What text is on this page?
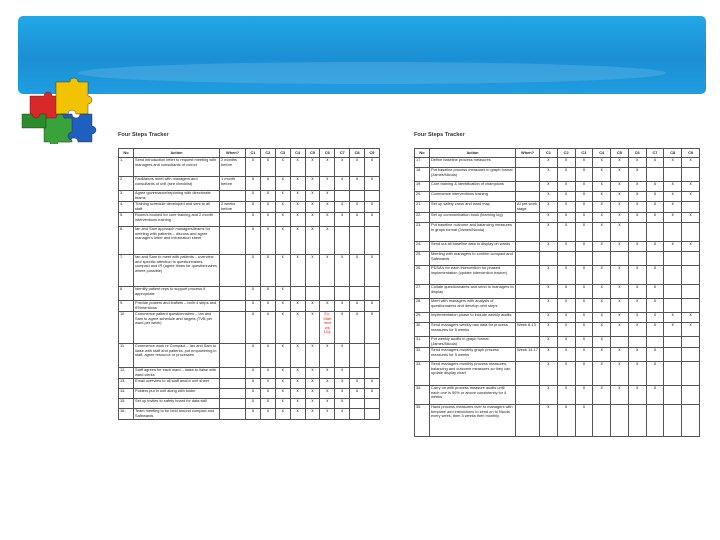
Four Steps Tracker
No	Action	When?	C1	C2	C3	C4	C5	C6	C7	C8	C9
1.	Send introduction letter to request meeting with managers and consultants of cohort	2 months before	x	x	x	x	x	x	x	x	x
2.	Facilitators meet with managers and consultants of unit (see checklist)	1 month before	x	x	x	x	x	x	x	x	x
3.	Agree governance/reporting with directorate teams		x	x	x	x	x	x			
4.	Training schedule developed and sent to all staff	2 weeks before	x	x	x	x	x	x	x	x	x
5.	Room/s booked for core training and 2 month interventions training		x	x	x	x	x	x	x	x	x
6.	Ian and Sam approach managers/teams for meeting with patients – discuss and agree manager's letter and information sheet		x	x	x	x	x	x			
7.	Ian and Sam to meet with patients – overview and specific attention to questionnaires, compact and IR (agree times for questionnaires where possible)		x	x	x	x	x	x	x	x	x
8.	Identify patient reps to support process if appropriate		x	x	x						
9.	Provide posters and leaflets – both 4 steps and IR/Intentions		x	x	x	x	x	x	x	x	x
10.	Commence patient questionnaires – Ian and Sam to agree schedule and targets (TVB per ward per week)		x	x	x	x	x	Ex-Start next wk 1/11	x	x	x
11.	Commence work re Compact – Ian and Sam to liaise with staff and patients, put empowering in staff, agree resource or processes		x	x	x	x	x	x	x		
12.	Staff agrees for each ward – liaise to liaise with ward clerks		x	x	x	x	x	x	x		
13.	Email overview to all staff and/or unit sheet		x	x	x	x	x	x	x	x	x
14.	Posters put in unit along with folder		x	x	x	x	x	x	x	x	x
15.	Set up invites to safety board for data skill		x	x	x	x	x	x	x		
16.	Team meeting to be held around compact and Safewards		x	x	x	x	x	x	x		
Four Steps Tracker
No	Action	When?	C1	C2	C3	C4	C5	C6	C7	C8	C9
17.	Define baseline process measures		x	x	x	x	x	x	x	x	x
18.	Put baseline process measures in graph format (James/Nicola)		x	x	x	x	x	x			
19.	Core training & identification of champions		x	x	x	x	x	x	x	x	x
20.	Commence interventions training		x	x	x	x	x	x	x	x	x
21.	Set up safety cross and ward map	At pre-work stage	x	x	x	x	x	x	x	x	
22.	Set up communication book (learning log)		x	x	x	x	x	x	x	x	x
23.	Put baseline outcome and balancing measures in graph format (James/Nicola)		x	x	x	x	x				
24.	Send out all baseline data to display on wards		x	x	x	x	x	x	x	x	x
25.	Meeting with managers to confirm compact and Safewards										
26.	PDSA's for each intervention for phased implementation (update intervention tracker)		x	x	x	x	x	x	x		
27.	Collate questionnaires and send to managers to display		x	x	x	x	x	x	x		
28.	Meet with managers with analysis of questionnaires and develop next steps		x	x	x	x	x	x	x		
29.	Implementation phase to include weekly audits		x	x	x	x	x	x	x	x	x
30.	Send managers weekly raw data for process measures for 5 weeks	Week 8-13	x	x	x	x	x	x	x	x	x
31.	Put weekly audits in graph format (James/Nicola)		x	x	x	x					
32.	Send managers monthly graph process measures for 5 weeks	Week 14-17	x	x	x	x	x	x	x		
33.	Send managers monthly process measures, balancing and outcome measures so they can update display chart		x	x	x	x	x	x	x		
34.	Carry on with process measure audits until each one is 90% or above consistently for 4 weeks		x	x	x	x	x	x	x		
35.	Hand process measures over to managers with template and instructions to send on to Nicola every week, then 3 weeks then monthly		x	x	x						
